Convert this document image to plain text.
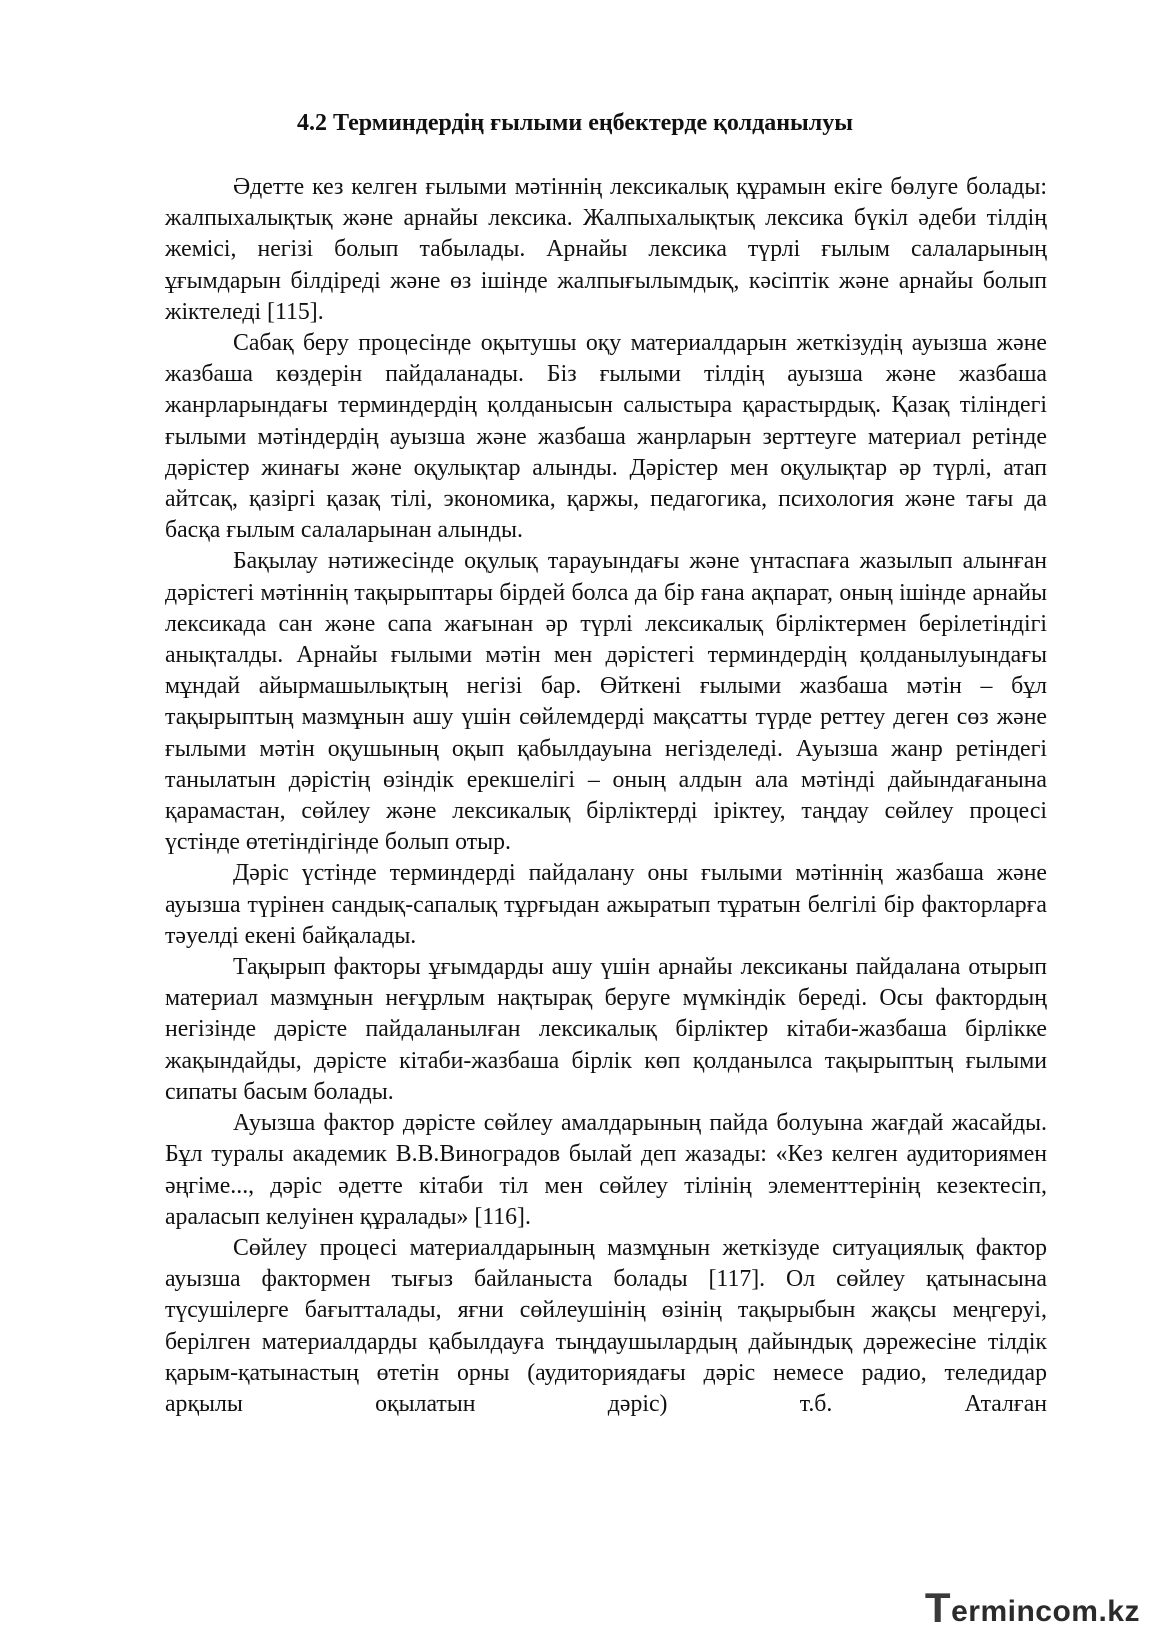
4.2 Терминдердің ғылыми еңбектерде қолданылуы

Әдетте кез келген ғылыми мәтіннің лексикалық құрамын екіге бөлуге болады: жалпыхалықтық және арнайы лексика. Жалпыхалықтық лексика бүкіл әдеби тілдің жемісі, негізі болып табылады. Арнайы лексика түрлі ғылым салаларының ұғымдарын білдіреді және өз ішінде жалпығылымдық, кәсіптік және арнайы болып жіктеледі [115].

Сабақ беру процесінде оқытушы оқу материалдарын жеткізудің ауызша және жазбаша көздерін пайдаланады. Біз ғылыми тілдің ауызша және жазбаша жанрларындағы терминдердің қолданысын салыстыра қарастырдық. Қазақ тіліндегі ғылыми мәтіндердің ауызша және жазбаша жанрларын зерттеуге материал ретінде дәрістер жинағы және оқулықтар алынды. Дәрістер мен оқулықтар әр түрлі, атап айтсақ, қазіргі қазақ тілі, экономика, қаржы, педагогика, психология және тағы да басқа ғылым салаларынан алынды.

Бақылау нәтижесінде оқулық тарауындағы және үнтаспаға жазылып алынған дәрістегі мәтіннің тақырыптары бірдей болса да бір ғана ақпарат, оның ішінде арнайы лексикада сан және сапа жағынан әр түрлі лексикалық бірліктермен берілетіндігі анықталды. Арнайы ғылыми мәтін мен дәрістегі терминдердің қолданылуындағы мұндай айырмашылықтың негізі бар. Өйткені ғылыми жазбаша мәтін – бұл тақырыптың мазмұнын ашу үшін сөйлемдерді мақсатты түрде реттеу деген сөз және ғылыми мәтін оқушының оқып қабылдауына негізделеді. Ауызша жанр ретіндегі танылатын дәрістің өзіндік ерекшелігі – оның алдын ала мәтінді дайындағанына қарамастан, сөйлеу және лексикалық бірліктерді іріктеу, таңдау сөйлеу процесі үстінде өтетіндігінде болып отыр.

Дәріс үстінде терминдерді пайдалану оны ғылыми мәтіннің жазбаша және ауызша түрінен сандық-сапалық тұрғыдан ажыратып тұратын белгілі бір факторларға тәуелді екені байқалады.

Тақырып факторы ұғымдарды ашу үшін арнайы лексиканы пайдалана отырып материал мазмұнын неғұрлым нақтырақ беруге мүмкіндік береді. Осы фактордың негізінде дәрісте пайдаланылған лексикалық бірліктер кітаби-жазбаша бірлікке жақындайды, дәрісте кітаби-жазбаша бірлік көп қолданылса тақырыптың ғылыми сипаты басым болады.

Ауызша фактор дәрісте сөйлеу амалдарының пайда болуына жағдай жасайды. Бұл туралы академик В.В.Виноградов былай деп жазады: «Кез келген аудиториямен әңгіме..., дәріс әдетте кітаби тіл мен сөйлеу тілінің элементтерінің кезектесіп, араласып келуінен құралады» [116].

Сөйлеу процесі материалдарының мазмұнын жеткізуде ситуациялық фактор ауызша фактормен тығыз байланыста болады [117]. Ол сөйлеу қатынасына түсушілерге бағытталады, яғни сөйлеушінің өзінің тақырыбын жақсы меңгеруі, берілген материалдарды қабылдауға тыңдаушылардың дайындық дәрежесіне тілдік қарым-қатынастың өтетін орны (аудиториядағы дәріс немесе радио, теледидар арқылы оқылатын дәріс) т.б. Аталған

T erminc o m.kz
